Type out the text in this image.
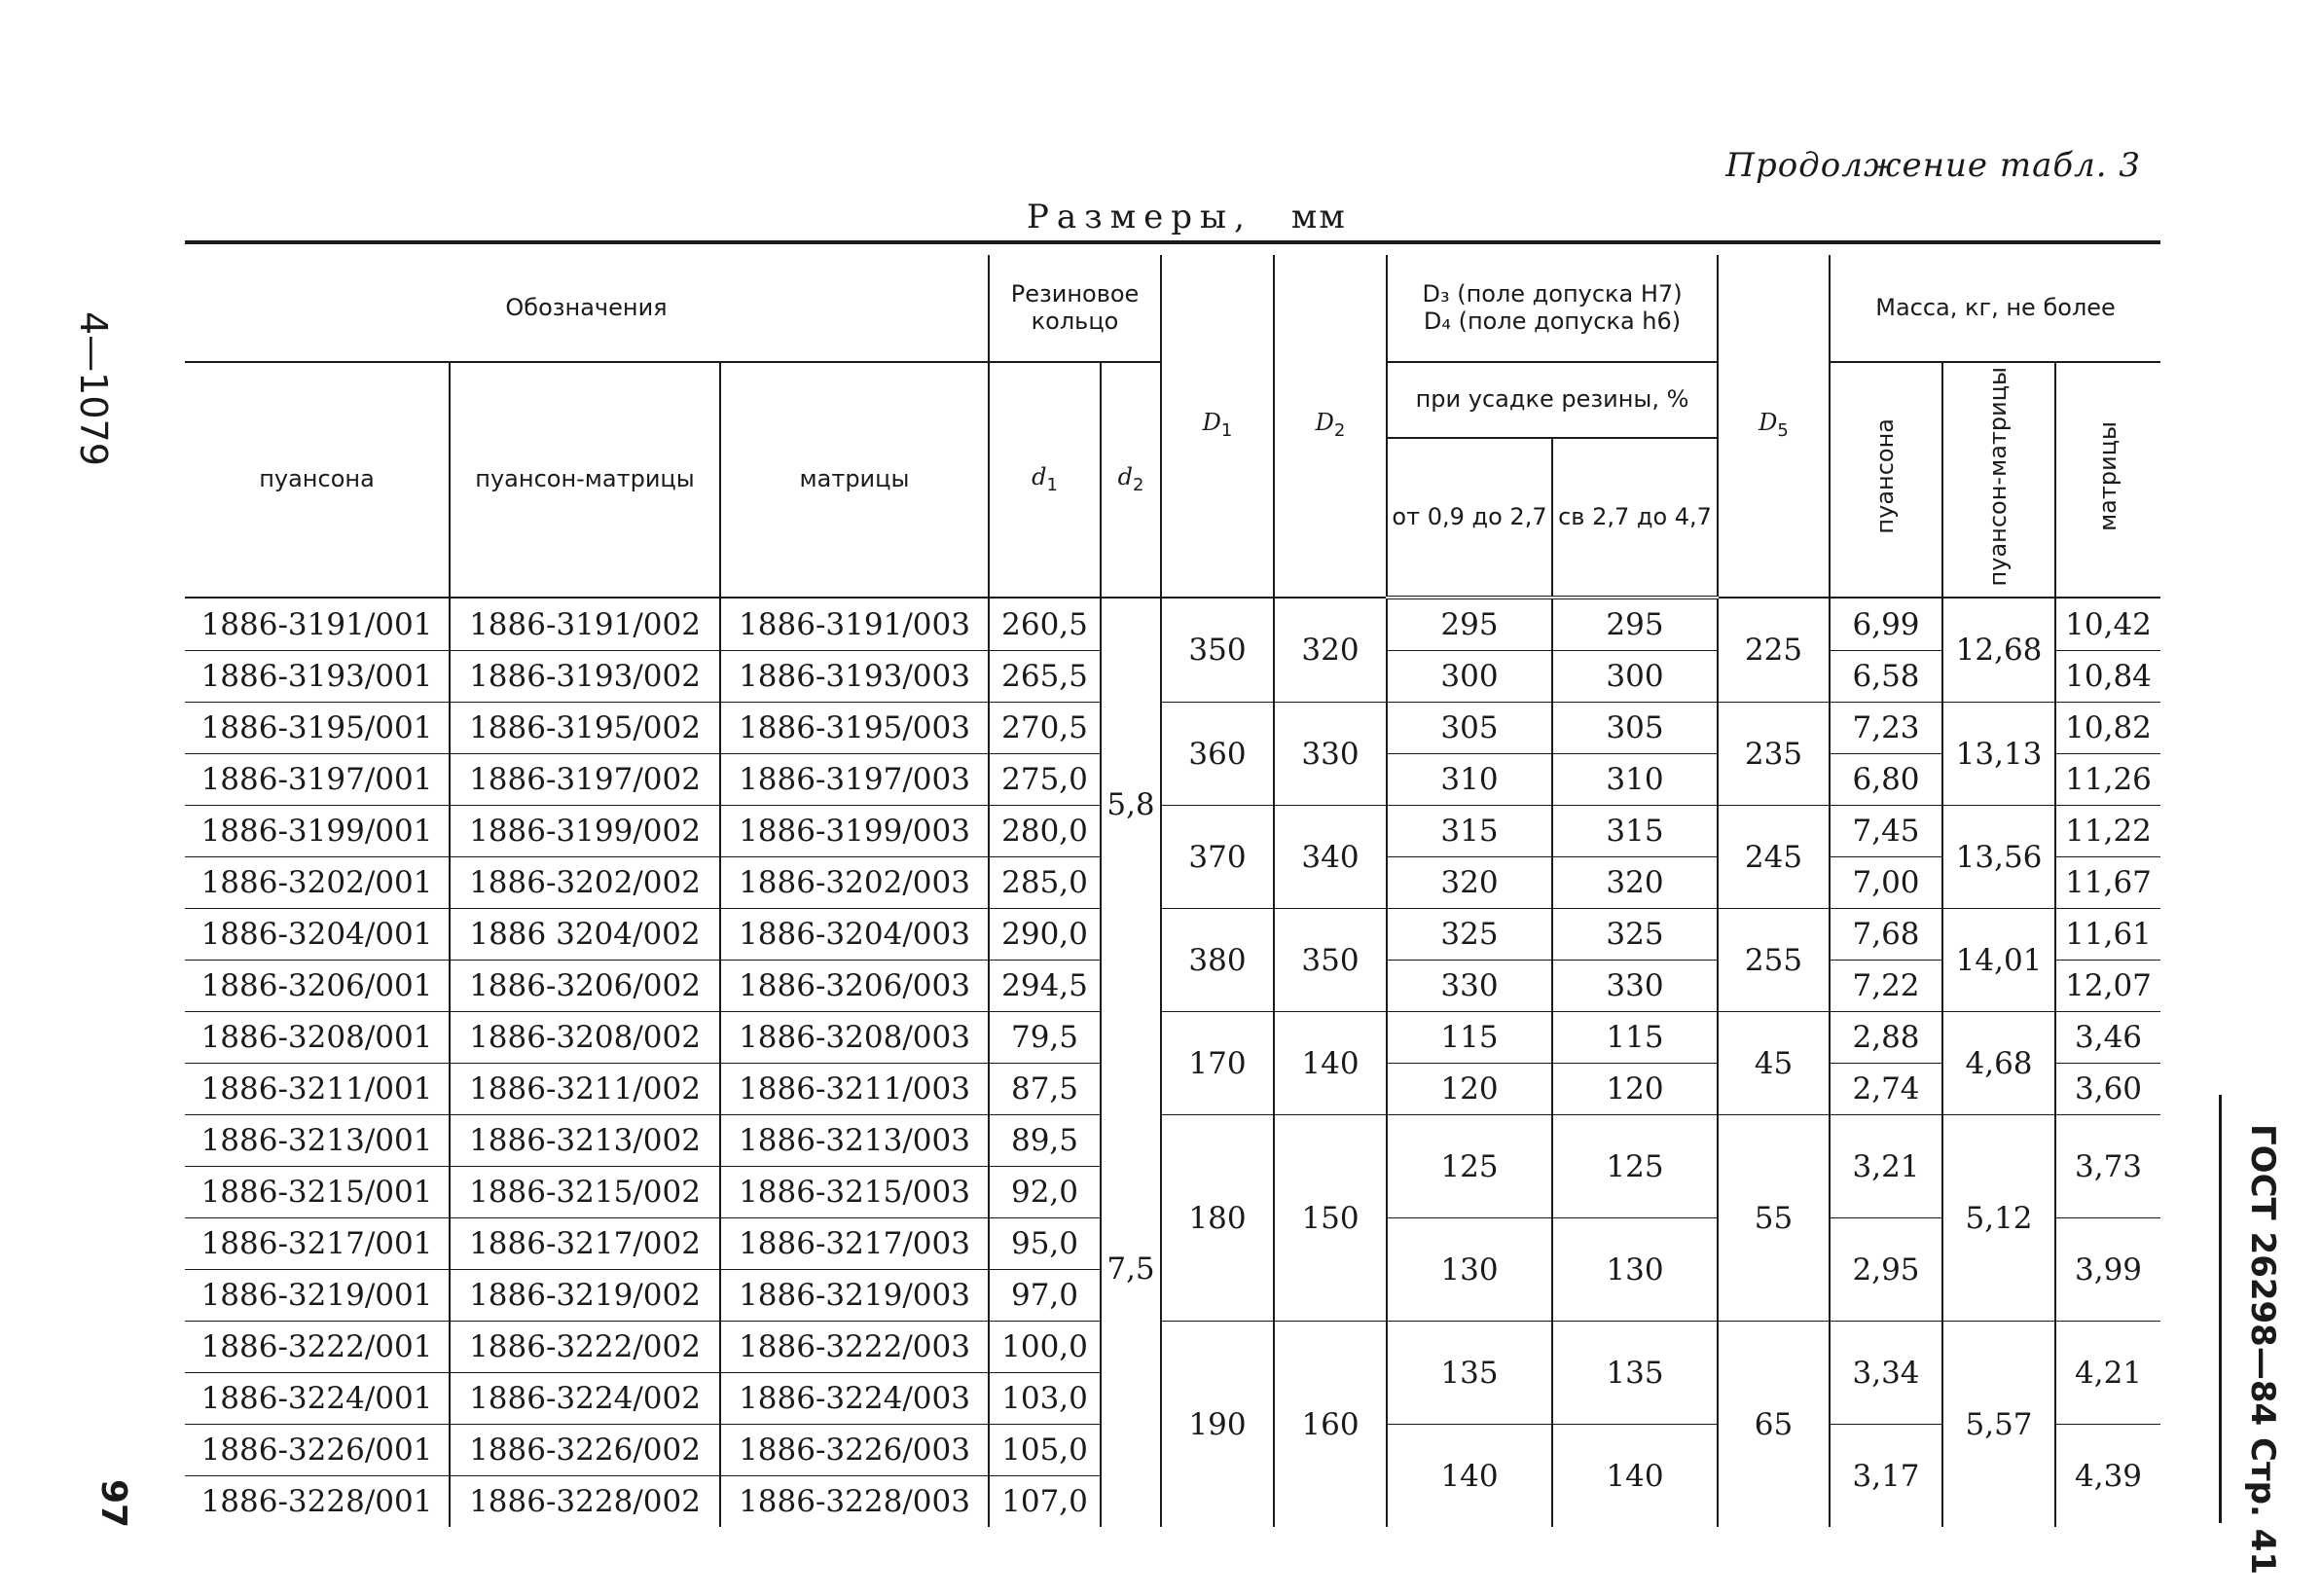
Продолжение табл. 3
Размеры, мм
4—1079
97	ГОСТ 26298—84 Стр. 41
Обозначения			Резиновое кольцо		$D_1$	$D_2$	D₃ (поле допуска H7)
D₄ (поле допуска h6)		$D_5$	Масса, кг, не более		
пуансона	пуансон-матрицы	матрицы	$d_1$	$d_2$			при усадке резины, %			пуансона	пуансон-матрицы	матрицы
							от 0,9 до 2,7	св 2,7 до 4,7				
1886-3191/001	1886-3191/002	1886-3191/003	260,5	5,8	350	320	295	295	225	6,99	12,68	10,42
1886-3193/001	1886-3193/002	1886-3193/003	265,5				300	300		6,58		10,84
1886-3195/001	1886-3195/002	1886-3195/003	270,5		360	330	305	305	235	7,23	13,13	10,82
1886-3197/001	1886-3197/002	1886-3197/003	275,0				310	310		6,80		11,26
1886-3199/001	1886-3199/002	1886-3199/003	280,0		370	340	315	315	245	7,45	13,56	11,22
1886-3202/001	1886-3202/002	1886-3202/003	285,0				320	320		7,00		11,67
1886-3204/001	1886 3204/002	1886-3204/003	290,0		380	350	325	325	255	7,68	14,01	11,61
1886-3206/001	1886-3206/002	1886-3206/003	294,5				330	330		7,22		12,07
1886-3208/001	1886-3208/002	1886-3208/003	79,5	7,5	170	140	115	115	45	2,88	4,68	3,46
1886-3211/001	1886-3211/002	1886-3211/003	87,5				120	120		2,74		3,60
1886-3213/001	1886-3213/002	1886-3213/003	89,5		180	150	125	125	55	3,21	5,12	3,73
1886-3215/001	1886-3215/002	1886-3215/003	92,0									
1886-3217/001	1886-3217/002	1886-3217/003	95,0				130	130		2,95		3,99
1886-3219/001	1886-3219/002	1886-3219/003	97,0									
1886-3222/001	1886-3222/002	1886-3222/003	100,0		190	160	135	135	65	3,34	5,57	4,21
1886-3224/001	1886-3224/002	1886-3224/003	103,0									
1886-3226/001	1886-3226/002	1886-3226/003	105,0				140	140		3,17		4,39
1886-3228/001	1886-3228/002	1886-3228/003	107,0									
